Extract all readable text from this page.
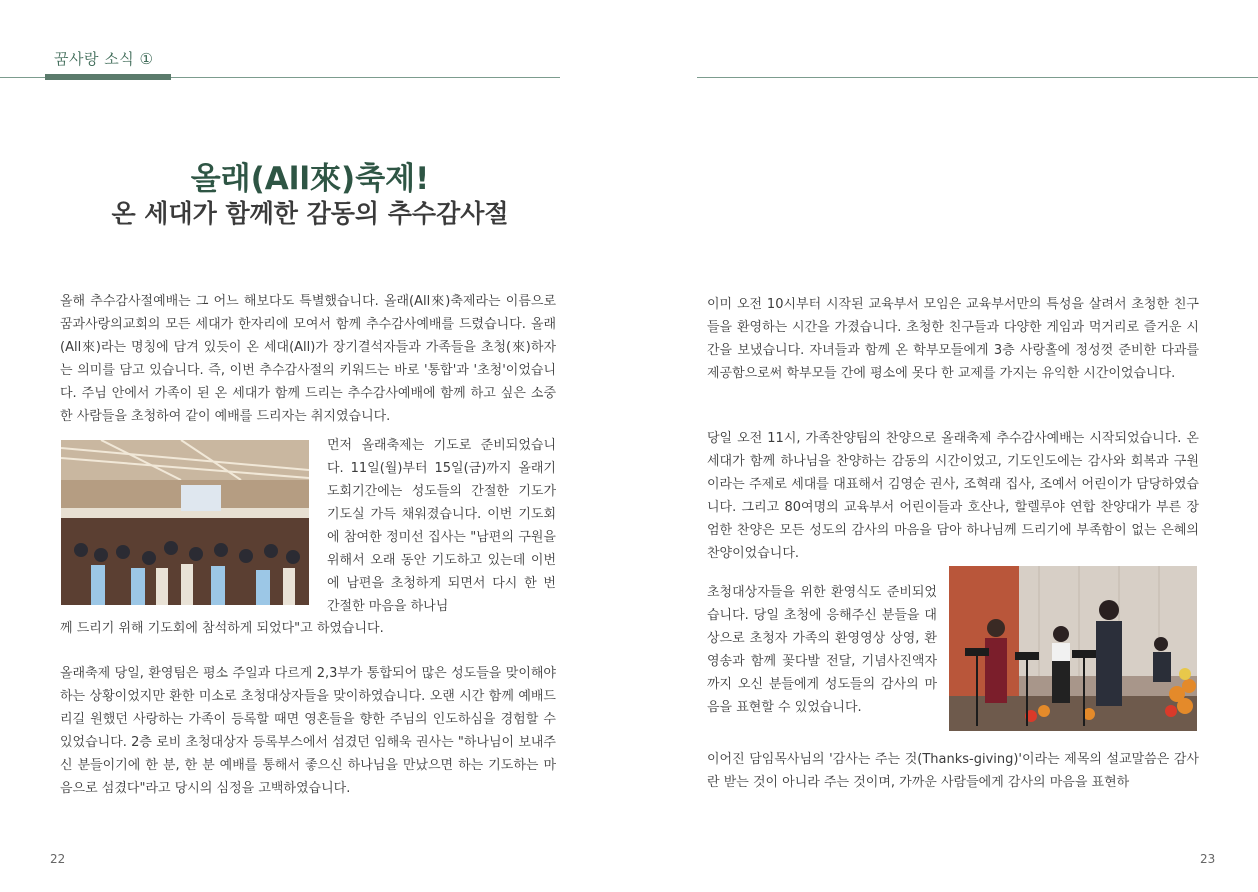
꿈사랑 소식 ①
올래(All來)축제!
온 세대가 함께한 감동의 추수감사절

올해 추수감사절예배는 그 어느 해보다도 특별했습니다. 올래(All來)축제라는 이름으로 꿈과사랑의교회의 모든 세대가 한자리에 모여서 함께 추수감사예배를 드렸습니다. 올래(All來)라는 명칭에 담겨 있듯이 온 세대(All)가 장기결석자들과 가족들을 초청(來)하자는 의미를 담고 있습니다. 즉, 이번 추수감사절의 키워드는 바로 '통합'과 '초청'이었습니다. 주님 안에서 가족이 된 온 세대가 함께 드리는 추수감사예배에 함께 하고 싶은 소중한 사람들을 초청하여 같이 예배를 드리자는 취지였습니다.

먼저 올래축제는 기도로 준비되었습니다. 11일(월)부터 15일(금)까지 올래기도회기간에는 성도들의 간절한 기도가 기도실 가득 채워졌습니다. 이번 기도회에 참여한 정미선 집사는 "남편의 구원을 위해서 오래 동안 기도하고 있는데 이번에 남편을 초청하게 되면서 다시 한 번 간절한 마음을 하나님

께 드리기 위해 기도회에 참석하게 되었다"고 하였습니다.

올래축제 당일, 환영팀은 평소 주일과 다르게 2,3부가 통합되어 많은 성도들을 맞이해야 하는 상황이었지만 환한 미소로 초청대상자들을 맞이하였습니다. 오랜 시간 함께 예배드리길 원했던 사랑하는 가족이 등록할 때면 영혼들을 향한 주님의 인도하심을 경험할 수 있었습니다. 2층 로비 초청대상자 등록부스에서 섬겼던 임해욱 권사는 "하나님이 보내주신 분들이기에 한 분, 한 분 예배를 통해서 좋으신 하나님을 만났으면 하는 기도하는 마음으로 섬겼다"라고 당시의 심정을 고백하였습니다.

22

이미 오전 10시부터 시작된 교육부서 모임은 교육부서만의 특성을 살려서 초청한 친구들을 환영하는 시간을 가졌습니다. 초청한 친구들과 다양한 게임과 먹거리로 즐거운 시간을 보냈습니다. 자녀들과 함께 온 학부모들에게 3층 사랑홀에 정성껏 준비한 다과를 제공함으로써 학부모들 간에 평소에 못다 한 교제를 가지는 유익한 시간이었습니다.

당일 오전 11시, 가족찬양팀의 찬양으로 올래축제 추수감사예배는 시작되었습니다. 온 세대가 함께 하나님을 찬양하는 감동의 시간이었고, 기도인도에는 감사와 회복과 구원이라는 주제로 세대를 대표해서 김영순 권사, 조혁래 집사, 조예서 어린이가 담당하였습니다. 그리고 80여명의 교육부서 어린이들과 호산나, 할렐루야 연합 찬양대가 부른 장엄한 찬양은 모든 성도의 감사의 마음을 담아 하나님께 드리기에 부족함이 없는 은혜의 찬양이었습니다.

초청대상자들을 위한 환영식도 준비되었습니다. 당일 초청에 응해주신 분들을 대상으로 초청자 가족의 환영영상 상영, 환영송과 함께 꽃다발 전달, 기념사진액자까지 오신 분들에게 성도들의 감사의 마음을 표현할 수 있었습니다.

이어진 담임목사님의 '감사는 주는 것(Thanks-giving)'이라는 제목의 설교말씀은 감사란 받는 것이 아니라 주는 것이며, 가까운 사람들에게 감사의 마음을 표현하

23
